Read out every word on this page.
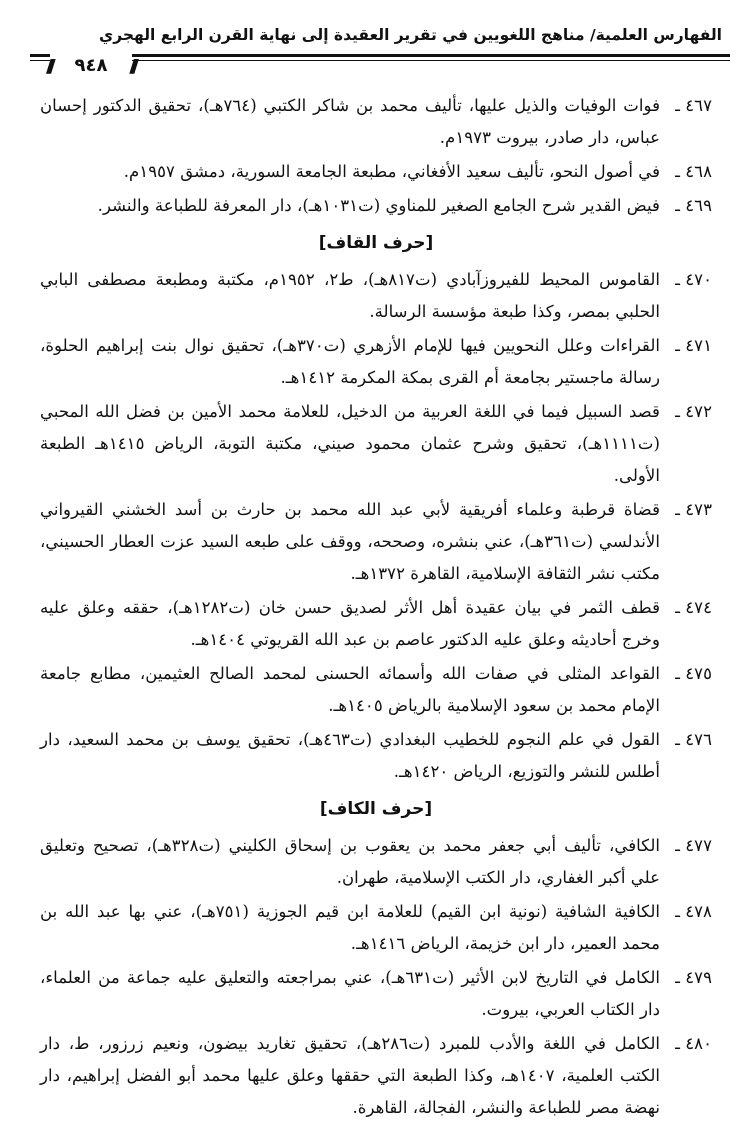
الفهارس العلمية/ مناهج اللغويين في تقرير العقيدة إلى نهاية القرن الرابع الهجري
///	٩٤٨	///

٤٦٧ ـفوات الوفيات والذيل عليها، تأليف محمد بن شاكر الكتبي (٧٦٤هـ)، تحقيق الدكتور إحسان عباس، دار صادر، بيروت ١٩٧٣م.

٤٦٨ ـفي أصول النحو، تأليف سعيد الأفغاني، مطبعة الجامعة السورية، دمشق ١٩٥٧م.

٤٦٩ ـفيض القدير شرح الجامع الصغير للمناوي (ت١٠٣١هـ)، دار المعرفة للطباعة والنشر.

[حرف القاف]

٤٧٠ ـالقاموس المحيط للفيروزآبادي (ت٨١٧هـ)، ط٢، ١٩٥٢م، مكتبة ومطبعة مصطفى البابي الحلبي بمصر، وكذا طبعة مؤسسة الرسالة.

٤٧١ ـالقراءات وعلل النحويين فيها للإمام الأزهري (ت٣٧٠هـ)، تحقيق نوال بنت إبراهيم الحلوة، رسالة ماجستير بجامعة أم القرى بمكة المكرمة ١٤١٢هـ.

٤٧٢ ـقصد السبيل فيما في اللغة العربية من الدخيل، للعلامة محمد الأمين بن فضل الله المحبي (ت١١١١هـ)، تحقيق وشرح عثمان محمود صيني، مكتبة التوبة، الرياض ١٤١٥هـ الطبعة الأولى.

٤٧٣ ـقضاة قرطبة وعلماء أفريقية لأبي عبد الله محمد بن حارث بن أسد الخشني القيرواني الأندلسي (ت٣٦١هـ)، عني بنشره، وصححه، ووقف على طبعه السيد عزت العطار الحسيني، مكتب نشر الثقافة الإسلامية، القاهرة ١٣٧٢هـ.

٤٧٤ ـقطف الثمر في بيان عقيدة أهل الأثر لصديق حسن خان (ت١٢٨٢هـ)، حققه وعلق عليه وخرج أحاديثه وعلق عليه الدكتور عاصم بن عبد الله القريوتي ١٤٠٤هـ.

٤٧٥ ـالقواعد المثلى في صفات الله وأسمائه الحسنى لمحمد الصالح العثيمين، مطابع جامعة الإمام محمد بن سعود الإسلامية بالرياض ١٤٠٥هـ.

٤٧٦ ـالقول في علم النجوم للخطيب البغدادي (ت٤٦٣هـ)، تحقيق يوسف بن محمد السعيد، دار أطلس للنشر والتوزيع، الرياض ١٤٢٠هـ.

[حرف الكاف]

٤٧٧ ـالكافي، تأليف أبي جعفر محمد بن يعقوب بن إسحاق الكليني (ت٣٢٨هـ)، تصحيح وتعليق علي أكبر الغفاري، دار الكتب الإسلامية، طهران.

٤٧٨ ـالكافية الشافية (نونية ابن القيم) للعلامة ابن قيم الجوزية (٧٥١هـ)، عني بها عبد الله بن محمد العمير، دار ابن خزيمة، الرياض ١٤١٦هـ.

٤٧٩ ـالكامل في التاريخ لابن الأثير (ت٦٣١هـ)، عني بمراجعته والتعليق عليه جماعة من العلماء، دار الكتاب العربي، بيروت.

٤٨٠ ـالكامل في اللغة والأدب للمبرد (ت٢٨٦هـ)، تحقيق تغاريد بيضون، ونعيم زرزور، ط، دار الكتب العلمية، ١٤٠٧هـ، وكذا الطبعة التي حققها وعلق عليها محمد أبو الفضل إبراهيم، دار نهضة مصر للطباعة والنشر، الفجالة، القاهرة.
